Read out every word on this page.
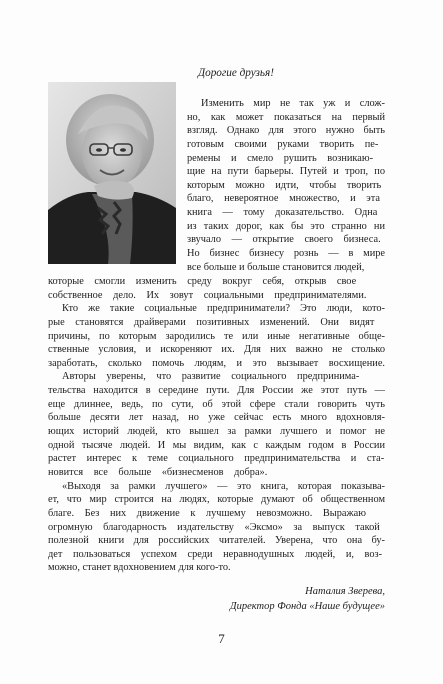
Дорогие друзья!
Изменить мир не так уж и слож-
но, как может показаться на первый
взгляд. Однако для этого нужно быть
готовым своими руками творить пе-
ремены и смело рушить возникаю-
щие на пути барьеры. Путей и троп, по
которым можно идти, чтобы творить
благо, невероятное множество, и эта
книга — тому доказательство. Одна
из таких дорог, как бы это странно ни
звучало — открытие своего бизнеса.
Но бизнес бизнесу рознь — в мире
все больше и больше становится людей,
которые смогли изменить среду вокруг себя, открыв свое
собственное дело. Их зовут социальными предпринимателями.
Кто же такие социальные предприниматели? Это люди, кото-
рые становятся драйверами позитивных изменений. Они видят
причины, по которым зародились те или иные негативные обще-
ственные условия, и искореняют их. Для них важно не столько
заработать, сколько помочь людям, и это вызывает восхищение.
Авторы уверены, что развитие социального предпринима-
тельства находится в середине пути. Для России же этот путь —
еще длиннее, ведь, по сути, об этой сфере стали говорить чуть
больше десяти лет назад, но уже сейчас есть много вдохновля-
ющих историй людей, кто вышел за рамки лучшего и помог не
одной тысяче людей. И мы видим, как с каждым годом в России
растет интерес к теме социального предпринимательства и ста-
новится все больше «бизнесменов добра».
«Выходя за рамки лучшего» — это книга, которая показыва-
ет, что мир строится на людях, которые думают об общественном
благе. Без них движение к лучшему невозможно. Выражаю
огромную благодарность издательству «Эксмо» за выпуск такой
полезной книги для российских читателей. Уверена, что она бу-
дет пользоваться успехом среди неравнодушных людей, и, воз-
можно, станет вдохновением для кого-то.
Наталия Зверева,
Директор Фонда «Наше будущее»
7
